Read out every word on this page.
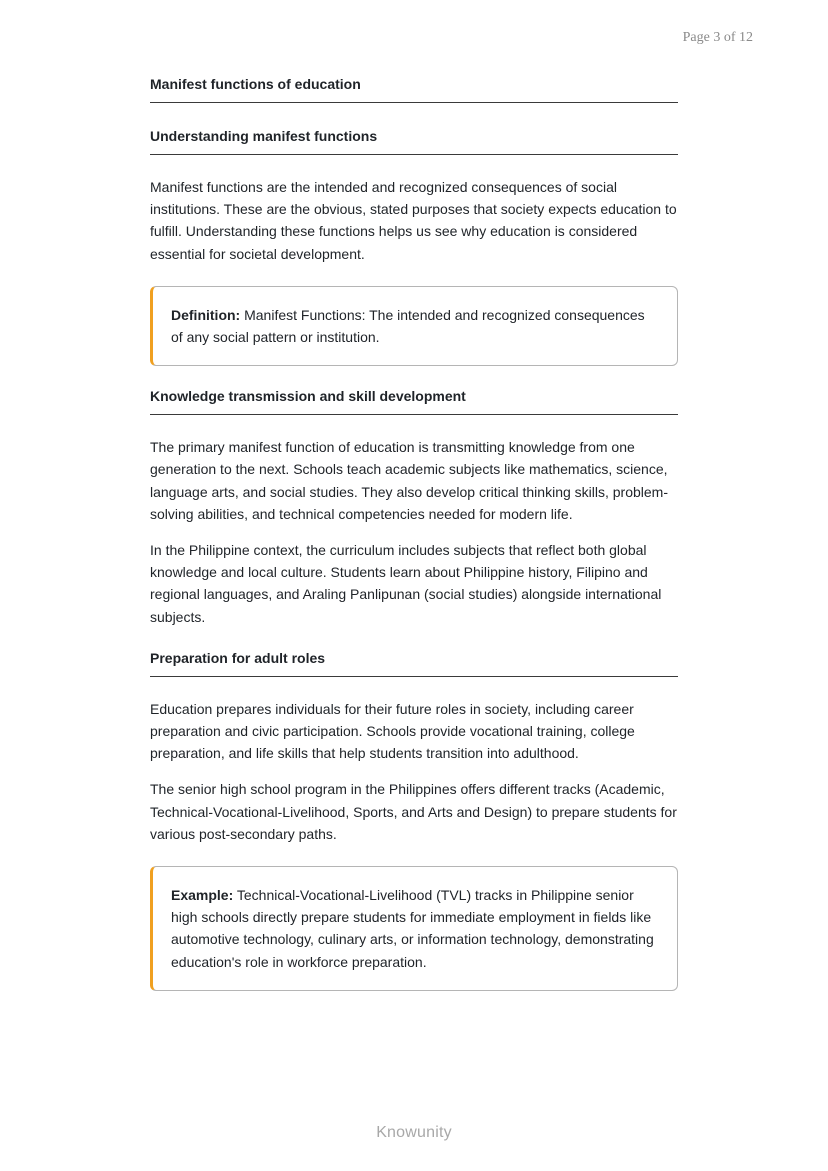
Page 3 of 12
Manifest functions of education
Understanding manifest functions

Manifest functions are the intended and recognized consequences of social institutions. These are the obvious, stated purposes that society expects education to fulfill. Understanding these functions helps us see why education is considered essential for societal development.

Definition: Manifest Functions: The intended and recognized consequences of any social pattern or institution.
Knowledge transmission and skill development

The primary manifest function of education is transmitting knowledge from one generation to the next. Schools teach academic subjects like mathematics, science, language arts, and social studies. They also develop critical thinking skills, problem-solving abilities, and technical competencies needed for modern life.

In the Philippine context, the curriculum includes subjects that reflect both global knowledge and local culture. Students learn about Philippine history, Filipino and regional languages, and Araling Panlipunan (social studies) alongside international subjects.

Preparation for adult roles

Education prepares individuals for their future roles in society, including career preparation and civic participation. Schools provide vocational training, college preparation, and life skills that help students transition into adulthood.

The senior high school program in the Philippines offers different tracks (Academic, Technical-Vocational-Livelihood, Sports, and Arts and Design) to prepare students for various post-secondary paths.

Example: Technical-Vocational-Livelihood (TVL) tracks in Philippine senior high schools directly prepare students for immediate employment in fields like automotive technology, culinary arts, or information technology, demonstrating education's role in workforce preparation.
Knowunity
